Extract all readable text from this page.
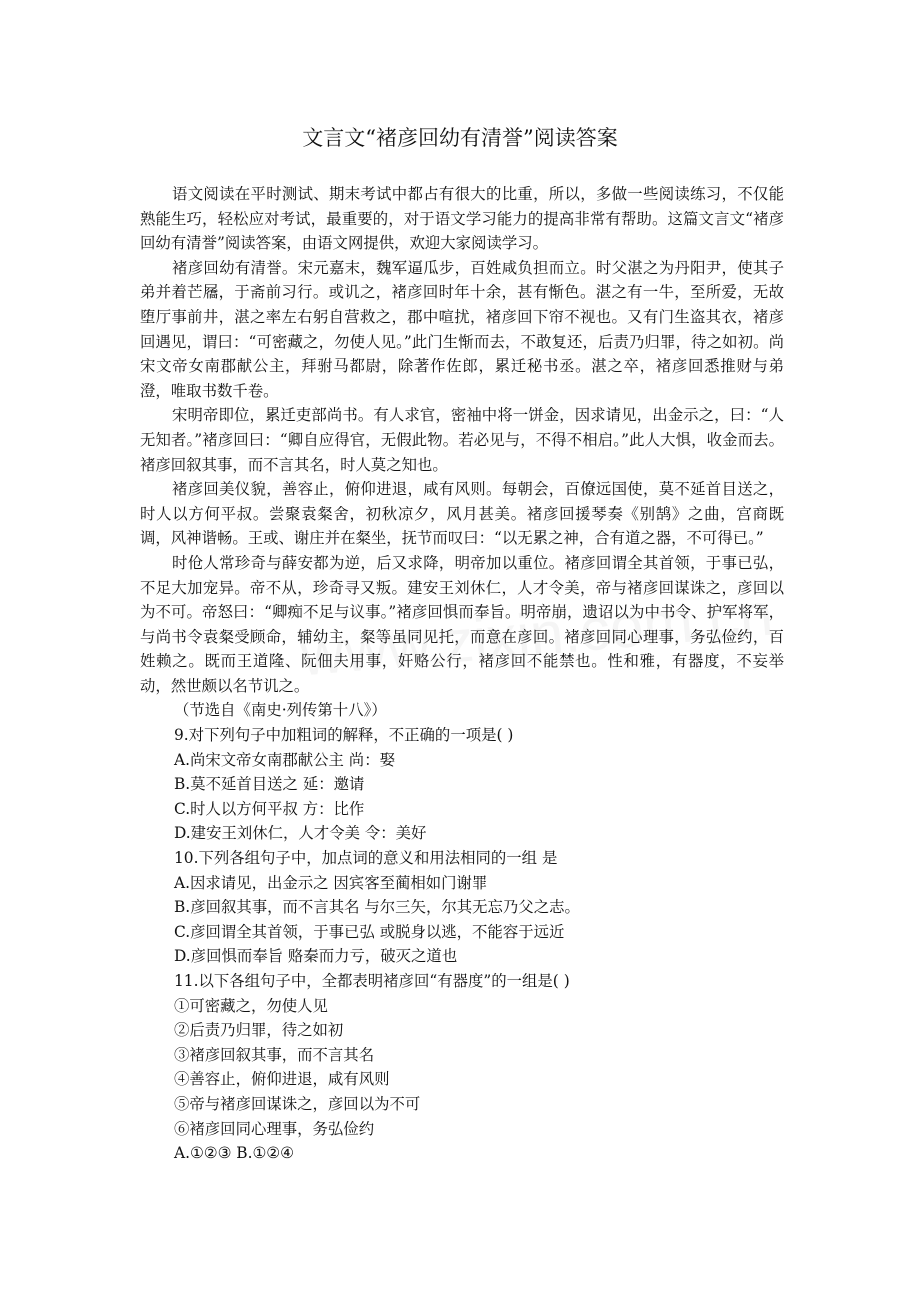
文言文“褚彦回幼有清誉”阅读答案

语文阅读在平时测试、期末考试中都占有很大的比重，所以，多做一些阅读练习，不仅能熟能生巧，轻松应对考试，最重要的，对于语文学习能力的提高非常有帮助。这篇文言文“褚彦回幼有清誉”阅读答案，由语文网提供，欢迎大家阅读学习。

褚彦回幼有清誉。宋元嘉末，魏军逼瓜步，百姓咸负担而立。时父湛之为丹阳尹，使其子弟并着芒屩，于斋前习行。或讥之，褚彦回时年十余，甚有惭色。湛之有一牛，至所爱，无故堕厅事前井，湛之率左右躬自营救之，郡中喧扰，褚彦回下帘不视也。又有门生盗其衣，褚彦回遇见，谓曰：“可密藏之，勿使人见。”此门生惭而去，不敢复还，后责乃归罪，待之如初。尚宋文帝女南郡献公主，拜驸马都尉，除著作佐郎，累迁秘书丞。湛之卒，褚彦回悉推财与弟澄，唯取书数千卷。

宋明帝即位，累迁吏部尚书。有人求官，密袖中将一饼金，因求请见，出金示之，曰：“人无知者。”褚彦回曰：“卿自应得官，无假此物。若必见与，不得不相启。”此人大惧，收金而去。褚彦回叙其事，而不言其名，时人莫之知也。

褚彦回美仪貌，善容止，俯仰进退，咸有风则。每朝会，百僚远国使，莫不延首目送之，时人以方何平叔。尝聚袁粲舍，初秋凉夕，风月甚美。褚彦回援琴奏《别鹄》之曲，宫商既调，风神谐畅。王或、谢庄并在粲坐，抚节而叹曰：“以无累之神，合有道之器，不可得已。”

时伧人常珍奇与薛安都为逆，后又求降，明帝加以重位。褚彦回谓全其首领，于事已弘，不足大加宠异。帝不从，珍奇寻又叛。建安王刘休仁，人才令美，帝与褚彦回谋诛之，彦回以为不可。帝怒曰：“卿痴不足与议事。”褚彦回惧而奉旨。明帝崩，遗诏以为中书令、护军将军，与尚书令袁粲受顾命，辅幼主，粲等虽同见托，而意在彦回。褚彦回同心理事，务弘俭约，百姓赖之。既而王道隆、阮佃夫用事，奸赂公行，褚彦回不能禁也。性和雅，有器度，不妄举动，然世颇以名节讥之。

（节选自《南史·列传第十八》）
9.对下列句子中加粗词的解释，不正确的一项是( )
A.尚宋文帝女南郡献公主 尚：娶
B.莫不延首目送之 延：邀请
C.时人以方何平叔 方：比作
D.建安王刘休仁，人才令美 令：美好
10.下列各组句子中，加点词的意义和用法相同的一组 是
A.因求请见，出金示之 因宾客至蔺相如门谢罪
B.彦回叙其事，而不言其名 与尔三矢，尔其无忘乃父之志。
C.彦回谓全其首领，于事已弘 或脱身以逃，不能容于远近
D.彦回惧而奉旨 赂秦而力亏，破灭之道也
11.以下各组句子中，全都表明褚彦回“有器度”的一组是( )
①可密藏之，勿使人见
②后责乃归罪，待之如初
③褚彦回叙其事，而不言其名
④善容止，俯仰进退，咸有风则
⑤帝与褚彦回谋诛之，彦回以为不可
⑥褚彦回同心理事，务弘俭约
A.①②③ B.①②④
